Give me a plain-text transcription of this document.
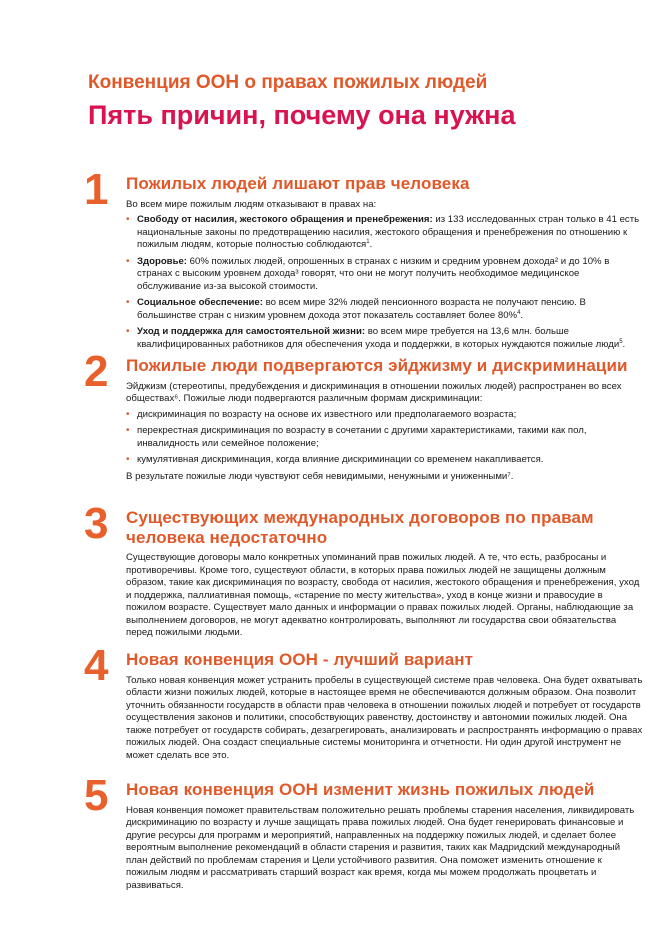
Конвенция ООН о правах пожилых людей
Пять причин, почему она нужна
1	Пожилых людей лишают прав человека

Во всем мире пожилым людям отказывают в правах на:

• Свободу от насилия, жестокого обращения и пренебрежения: из 133 исследованных стран только в 41 есть национальные законы по предотвращению насилия, жестокого обращения и пренебрежения по отношению к пожилым людям, которые полностью соблюдаются$^1$.
• Здоровье: 60% пожилых людей, опрошенных в странах с низким и средним уровнем дохода² и до 10% в странах с высоким уровнем дохода³ говорят, что они не могут получить необходимое медицинское обслуживание из-за высокой стоимости.
• Социальное обеспечение: во всем мире 32% людей пенсионного возраста не получают пенсию. В большинстве стран с низким уровнем дохода этот показатель составляет более 80%$^4$.
• Уход и поддержка для самостоятельной жизни: во всем мире требуется на 13,6 млн. больше квалифицированных работников для обеспечения ухода и поддержки, в которых нуждаются пожилые люди$^5$.
2	Пожилые люди подвергаются эйджизму и дискриминации

Эйджизм (стереотипы, предубеждения и дискриминация в отношении пожилых людей) распространен во всех обществах⁶. Пожилые люди подвергаются различным формам дискриминации:

• дискриминация по возрасту на основе их известного или предполагаемого возраста;
• перекрестная дискриминация по возрасту в сочетании с другими характеристиками, такими как пол, инвалидность или семейное положение;
• кумулятивная дискриминация, когда влияние дискриминации со временем накапливается.

В результате пожилые люди чувствуют себя невидимыми, ненужными и униженными⁷.

3	Существующих международных договоров по правам человека недостаточно

Существующие договоры мало конкретных упоминаний прав пожилых людей. А те, что есть, разбросаны и противоречивы. Кроме того, существуют области, в которых права пожилых людей не защищены должным образом, такие как дискриминация по возрасту, свобода от насилия, жестокого обращения и пренебрежения, уход и поддержка, паллиативная помощь, «старение по месту жительства», уход в конце жизни и правосудие в пожилом возрасте. Существует мало данных и информации о правах пожилых людей. Органы, наблюдающие за выполнением договоров, не могут адекватно контролировать, выполняют ли государства свои обязательства перед пожилыми людьми.

4	Новая конвенция ООН - лучший вариант

Только новая конвенция может устранить пробелы в существующей системе прав человека. Она будет охватывать области жизни пожилых людей, которые в настоящее время не обеспечиваются должным образом. Она позволит уточнить обязанности государств в области прав человека в отношении пожилых людей и потребует от государств осуществления законов и политики, способствующих равенству, достоинству и автономии пожилых людей. Она также потребует от государств собирать, дезагрегировать, анализировать и распространять информацию о правах пожилых людей. Она создаст специальные системы мониторинга и отчетности. Ни один другой инструмент не может сделать все это.

5	Новая конвенция ООН изменит жизнь пожилых людей

Новая конвенция поможет правительствам положительно решать проблемы старения населения, ликвидировать дискриминацию по возрасту и лучше защищать права пожилых людей. Она будет генерировать финансовые и другие ресурсы для программ и мероприятий, направленных на поддержку пожилых людей, и сделает более вероятным выполнение рекомендаций в области старения и развития, таких как Мадридский международный план действий по проблемам старения и Цели устойчивого развития. Она поможет изменить отношение к пожилым людям и рассматривать старший возраст как время, когда мы можем продолжать процветать и развиваться.
